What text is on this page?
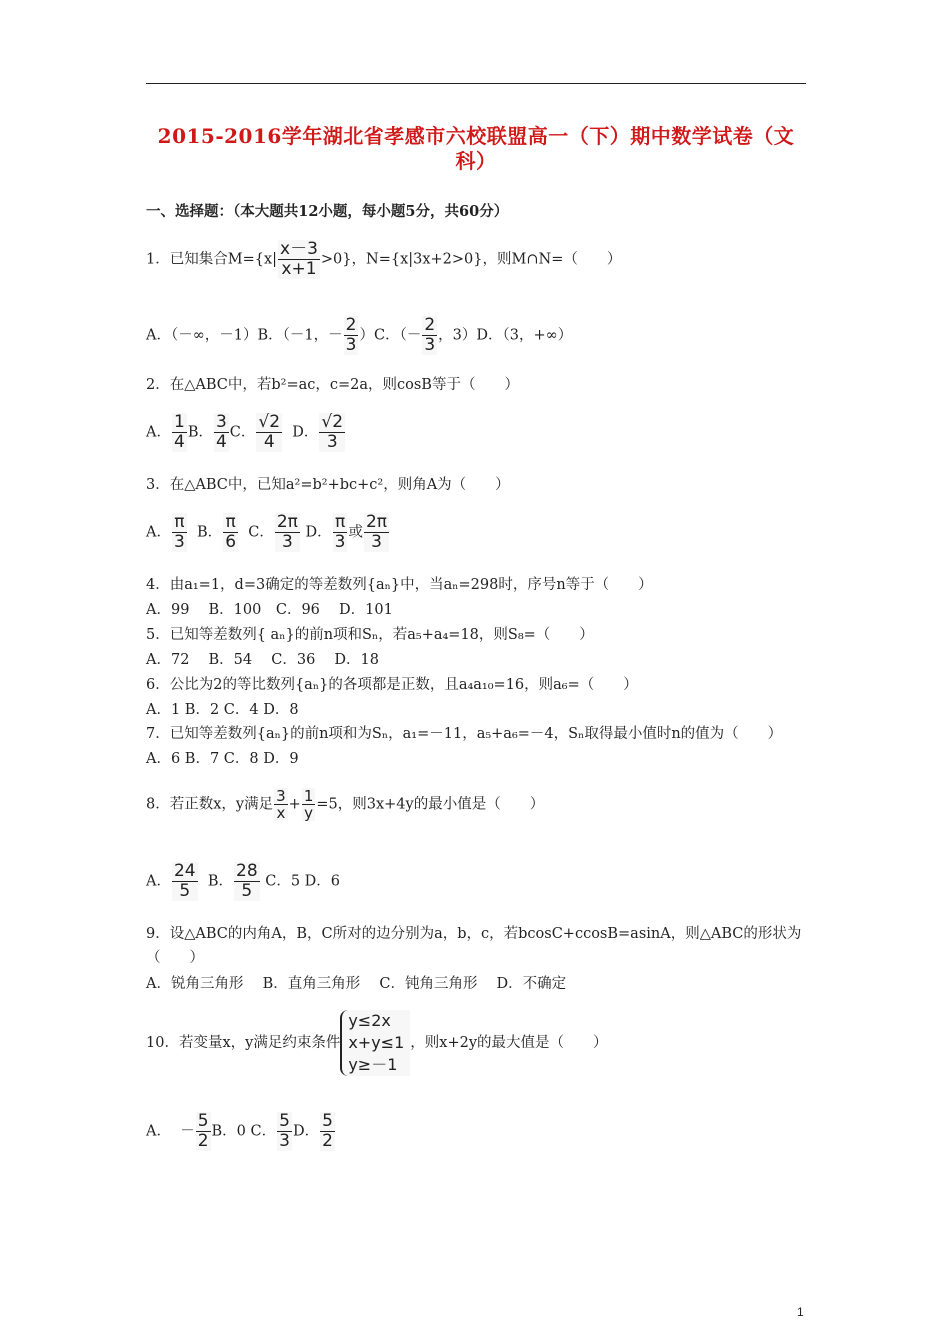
2015-2016学年湖北省孝感市六校联盟高一（下）期中数学试卷（文科）
一、选择题：（本大题共12小题，每小题5分，共60分）
1．已知集合$M=\{x| \frac{x-3}{x+1} >0\}$，N={x|3x+2>0}，则M∩N=（　　）
A．（－∞，－1）B．（－1，－ $\frac{2}{3} )C$．（－ $\frac{2}{3}$ ，3）D．（3，+∞）
2．在△ABC中，若b²=ac，c=2a，则cosB等于（　　）
A． $\frac{1}{4}$ B． $\frac{3}{4}$ C． $\frac{√2}{4}$ D． $\frac{√2}{3}$
3．在△ABC中，已知a²=b²+bc+c²，则角A为（　　）
A． $\frac{\pi}{3}$ B． $\frac{\pi}{6}$ C． $\frac{2\pi}{3}$ D． $\frac{\pi}{3}$ 或 $\frac{2\pi}{3}$
4．由a₁=1，d=3确定的等差数列{aₙ}中，当aₙ=298时，序号n等于（　　）
A．99　 B．100　C．96　 D．101
5．已知等差数列{ aₙ}的前n项和Sₙ，若a₅+a₄=18，则S₈=（　　）
A．72　 B．54　 C．36　 D．18
6．公比为2的等比数列{aₙ}的各项都是正数，且a₄a₁₀=16，则a₆=（　　）
A．1 B．2 C．4 D．8
7．已知等差数列{aₙ}的前n项和为Sₙ，a₁=－11，a₅+a₆=－4，Sₙ取得最小值时n的值为（　　）
A．6 B．7 C．8 D．9
8．若正数x，y满足 $\frac{3}{x} + \frac{1}{y} =5$，则3x+4y的最小值是（　　）
A． $\frac{24}{5}$ B． $\frac{28}{5}$ C．5 D．6
9．设△ABC的内角A，B，C所对的边分别为a，b，c，若bcosC+ccosB=asinA，则△ABC的形状为
（　　）
A．锐角三角形　 B．直角三角形　 C．钝角三角形　 D．不确定
10．若变量x，y满足约束条件
y≤2x
x+y≤1
y≥－1
，则x+2y的最大值是（　　）
A． － $\frac{5}{2}$ B．0 C． $\frac{5}{3}$ D． $\frac{5}{2}$
1
